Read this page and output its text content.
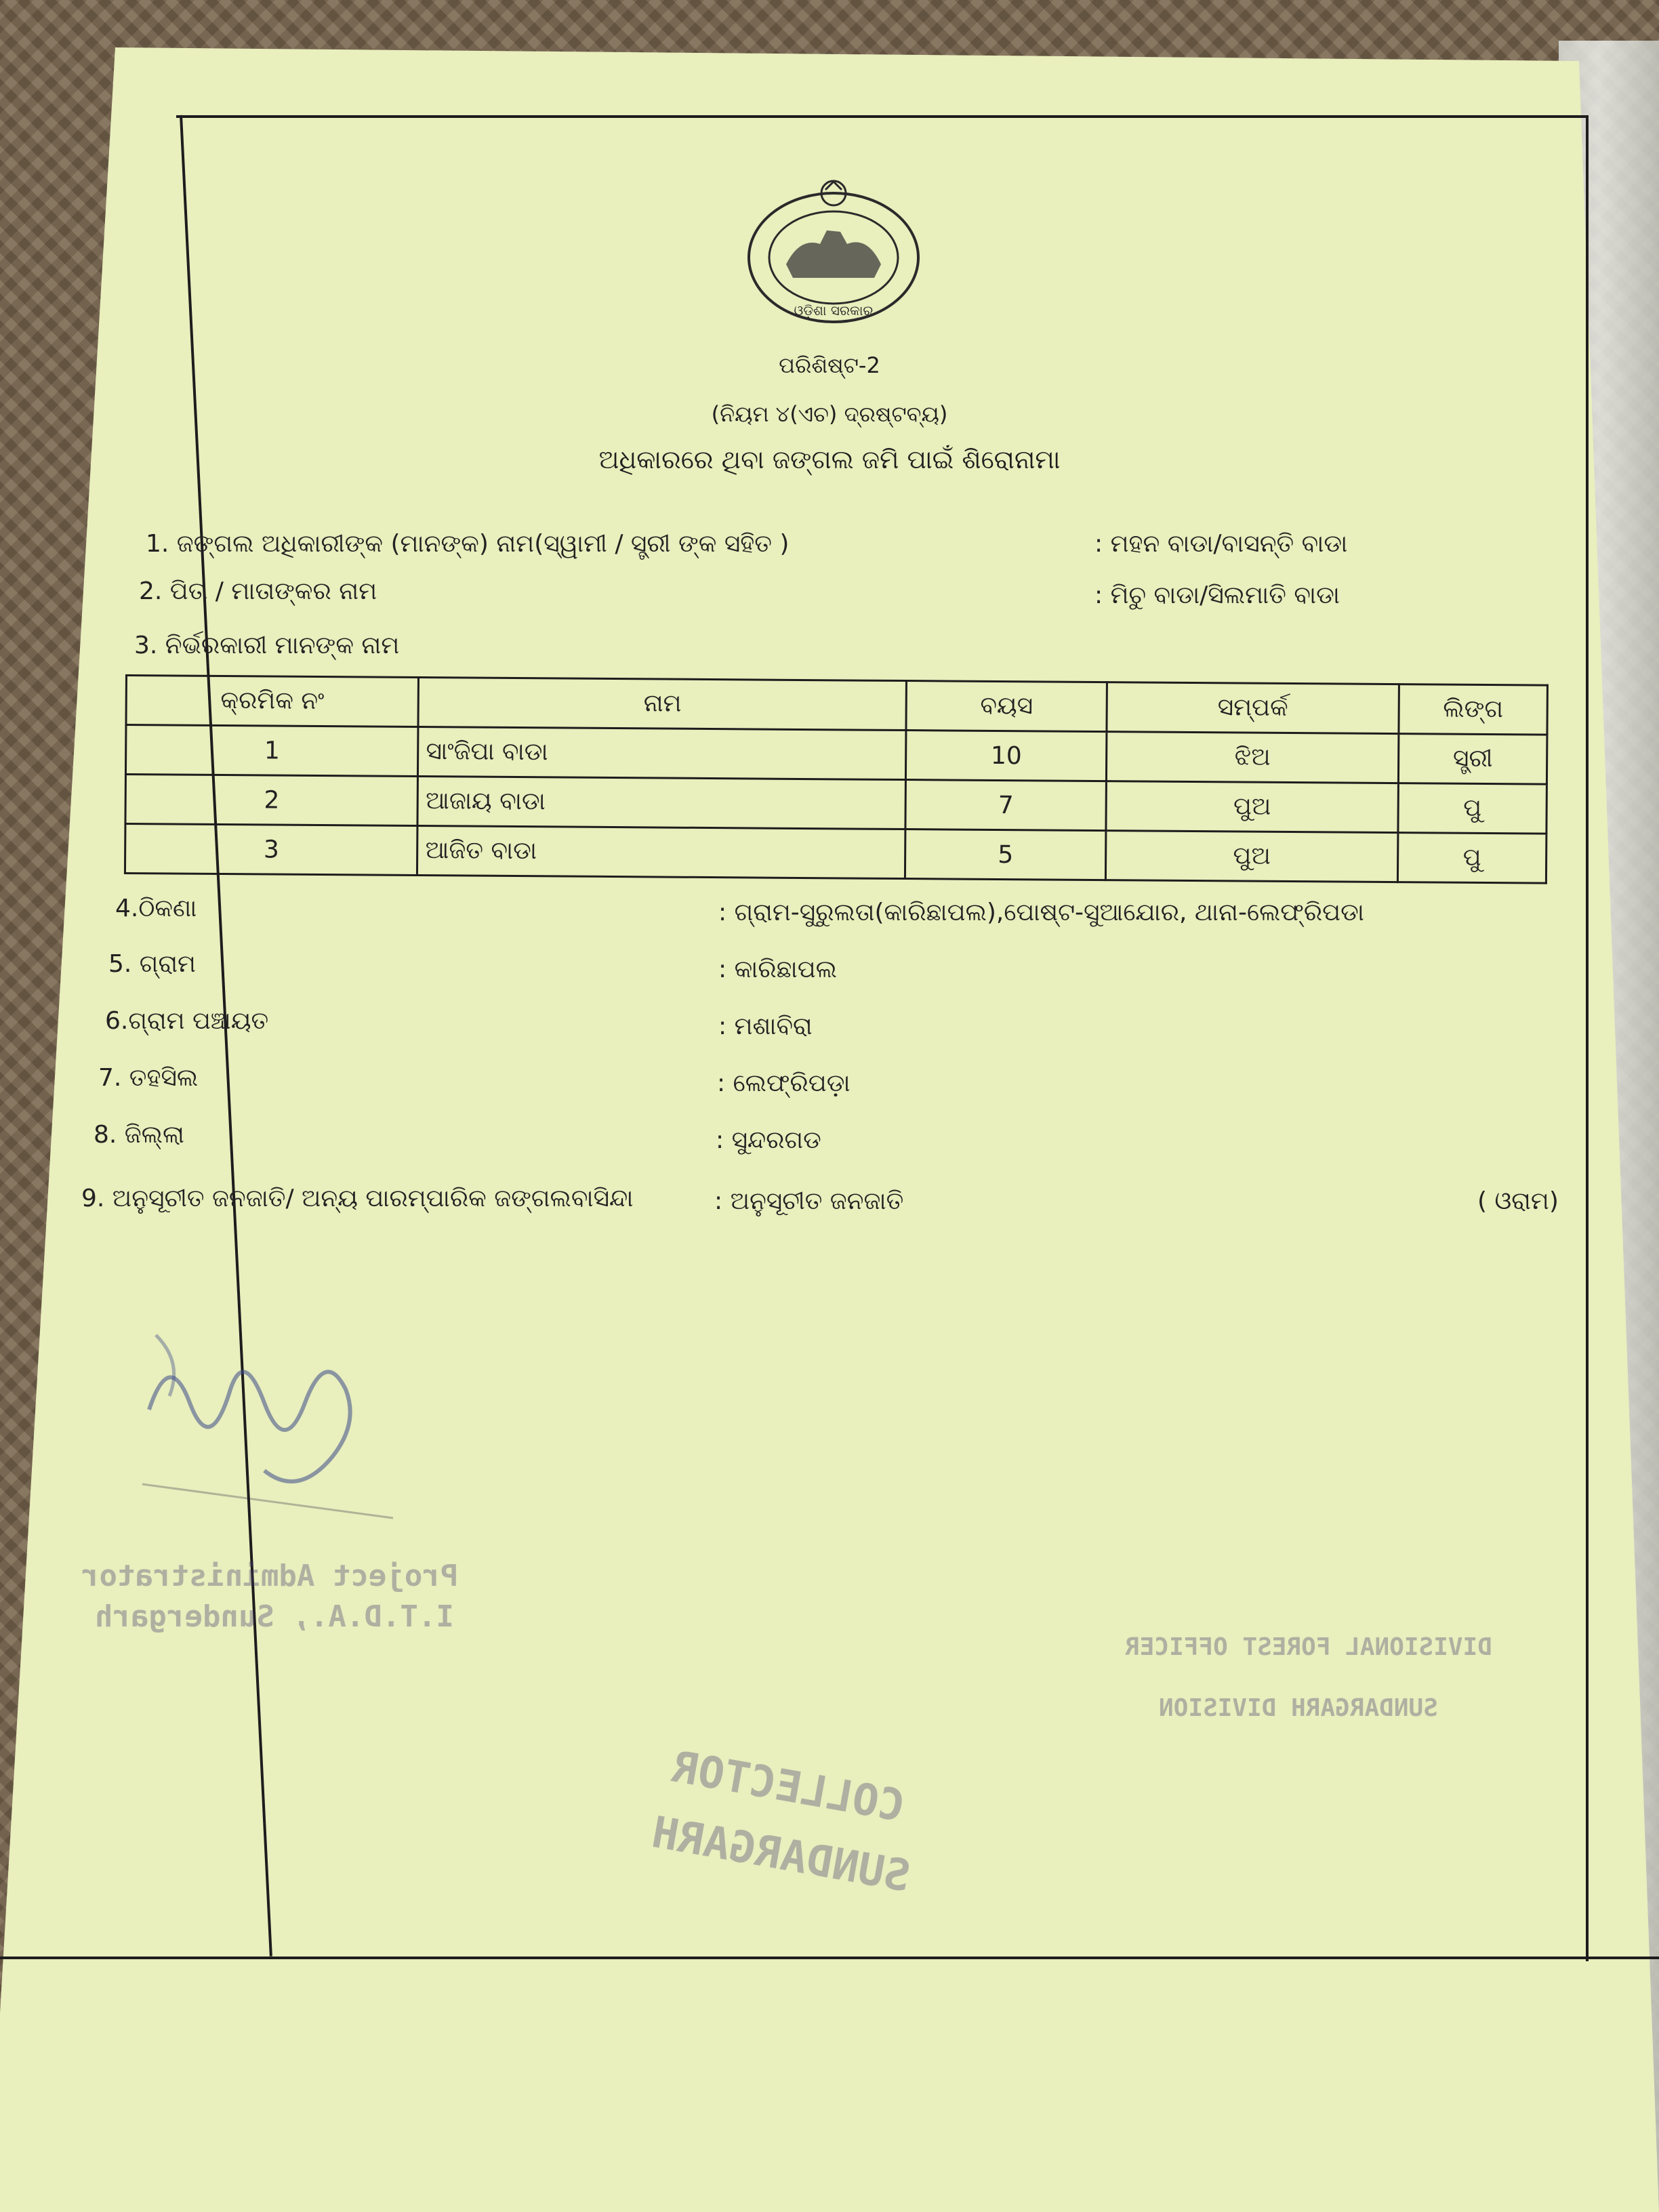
ଓଡ଼ିଶା ସରକାର
ପରିଶିଷ୍ଟ-2
(ନିୟମ ୪(ଏଚ) ଦ୍ରଷ୍ଟବ୍ୟ)
ଅଧିକାରରେ ଥିବା ଜଙ୍ଗଲ ଜମି ପାଇଁ ଶିରୋନାମା
1. ଜଙ୍ଗଲ ଅଧିକାରୀଙ୍କ (ମାନଙ୍କ) ନାମ(ସ୍ୱାମୀ / ସ୍ତ୍ରୀ ଙ୍କ ସହିତ )	: ମହନ ବାଡା/ବାସନ୍ତି ବାଡା
2. ପିତା / ମାତାଙ୍କର ନାମ	: ମିଚୁ ବାଡା/ସିଲମାତି ବାଡା
3. ନିର୍ଭରକାରୀ ମାନଙ୍କ ନାମ
କ୍ରମିକ ନଂ	ନାମ	ବୟସ	ସମ୍ପର୍କ	ଲିଙ୍ଗ
1	ସାଂଜିପା ବାଡା	10	ଝିଅ	ସ୍ତ୍ରୀ
2	ଆଜାୟ ବାଡା	7	ପୁଅ	ପୁ
3	ଆଜିତ ବାଡା	5	ପୁଅ	ପୁ
4.ଠିକଣା	: ଗ୍ରାମ-ସୁରୁଲତା(କାରିଛାପଲ),ପୋଷ୍ଟ-ସୁଆଯୋର, ଥାନା-ଲେଫ୍ରିପଡା
5. ଗ୍ରାମ	: କାରିଛାପଲ
6.ଗ୍ରାମ ପଞ୍ଚାୟତ	: ମଶାବିରା
7. ତହସିଲ	: ଲେଫ୍ରିପଡ଼ା
8. ଜିଲ୍ଲା	: ସୁନ୍ଦରଗଡ
9. ଅନୁସୂଚୀତ ଜନଜାତି/ ଅନ୍ୟ ପାରମ୍ପାରିକ ଜଙ୍ଗଲବାସିନ୍ଦା	: ଅନୁସୂଚୀତ ଜନଜାତି	( ଓରାମ)
Project Administrator
I.T.D.A., Sundergarh
DIVISIONAL FOREST OFFICER
SUNDARGARH DIVISION
COLLECTOR
SUNDARGARH
